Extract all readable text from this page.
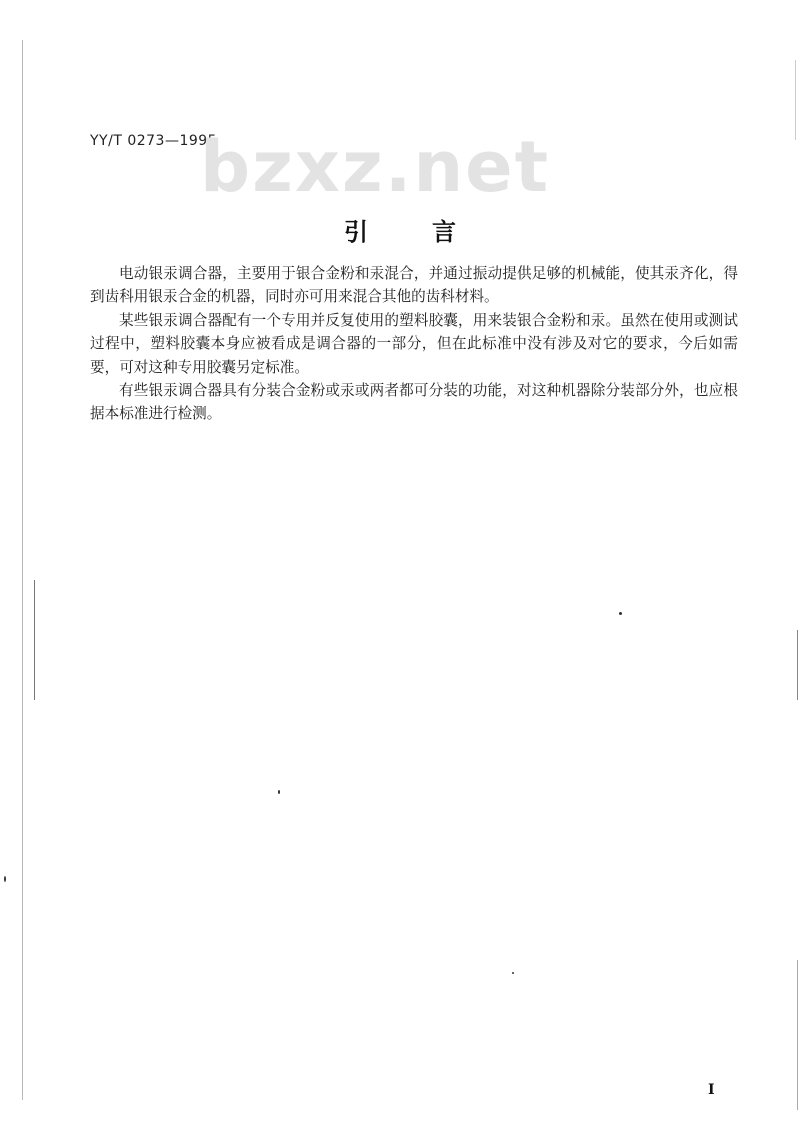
YY/T 0273—1995
bzxz.net
引	言

电动银汞调合器，主要用于银合金粉和汞混合，并通过振动提供足够的机械能，使其汞齐化，得到齿科用银汞合金的机器，同时亦可用来混合其他的齿科材料。

某些银汞调合器配有一个专用并反复使用的塑料胶囊，用来装银合金粉和汞。虽然在使用或测试过程中，塑料胶囊本身应被看成是调合器的一部分，但在此标准中没有涉及对它的要求，今后如需要，可对这种专用胶囊另定标准。

有些银汞调合器具有分装合金粉或汞或两者都可分装的功能，对这种机器除分装部分外，也应根据本标准进行检测。

I
